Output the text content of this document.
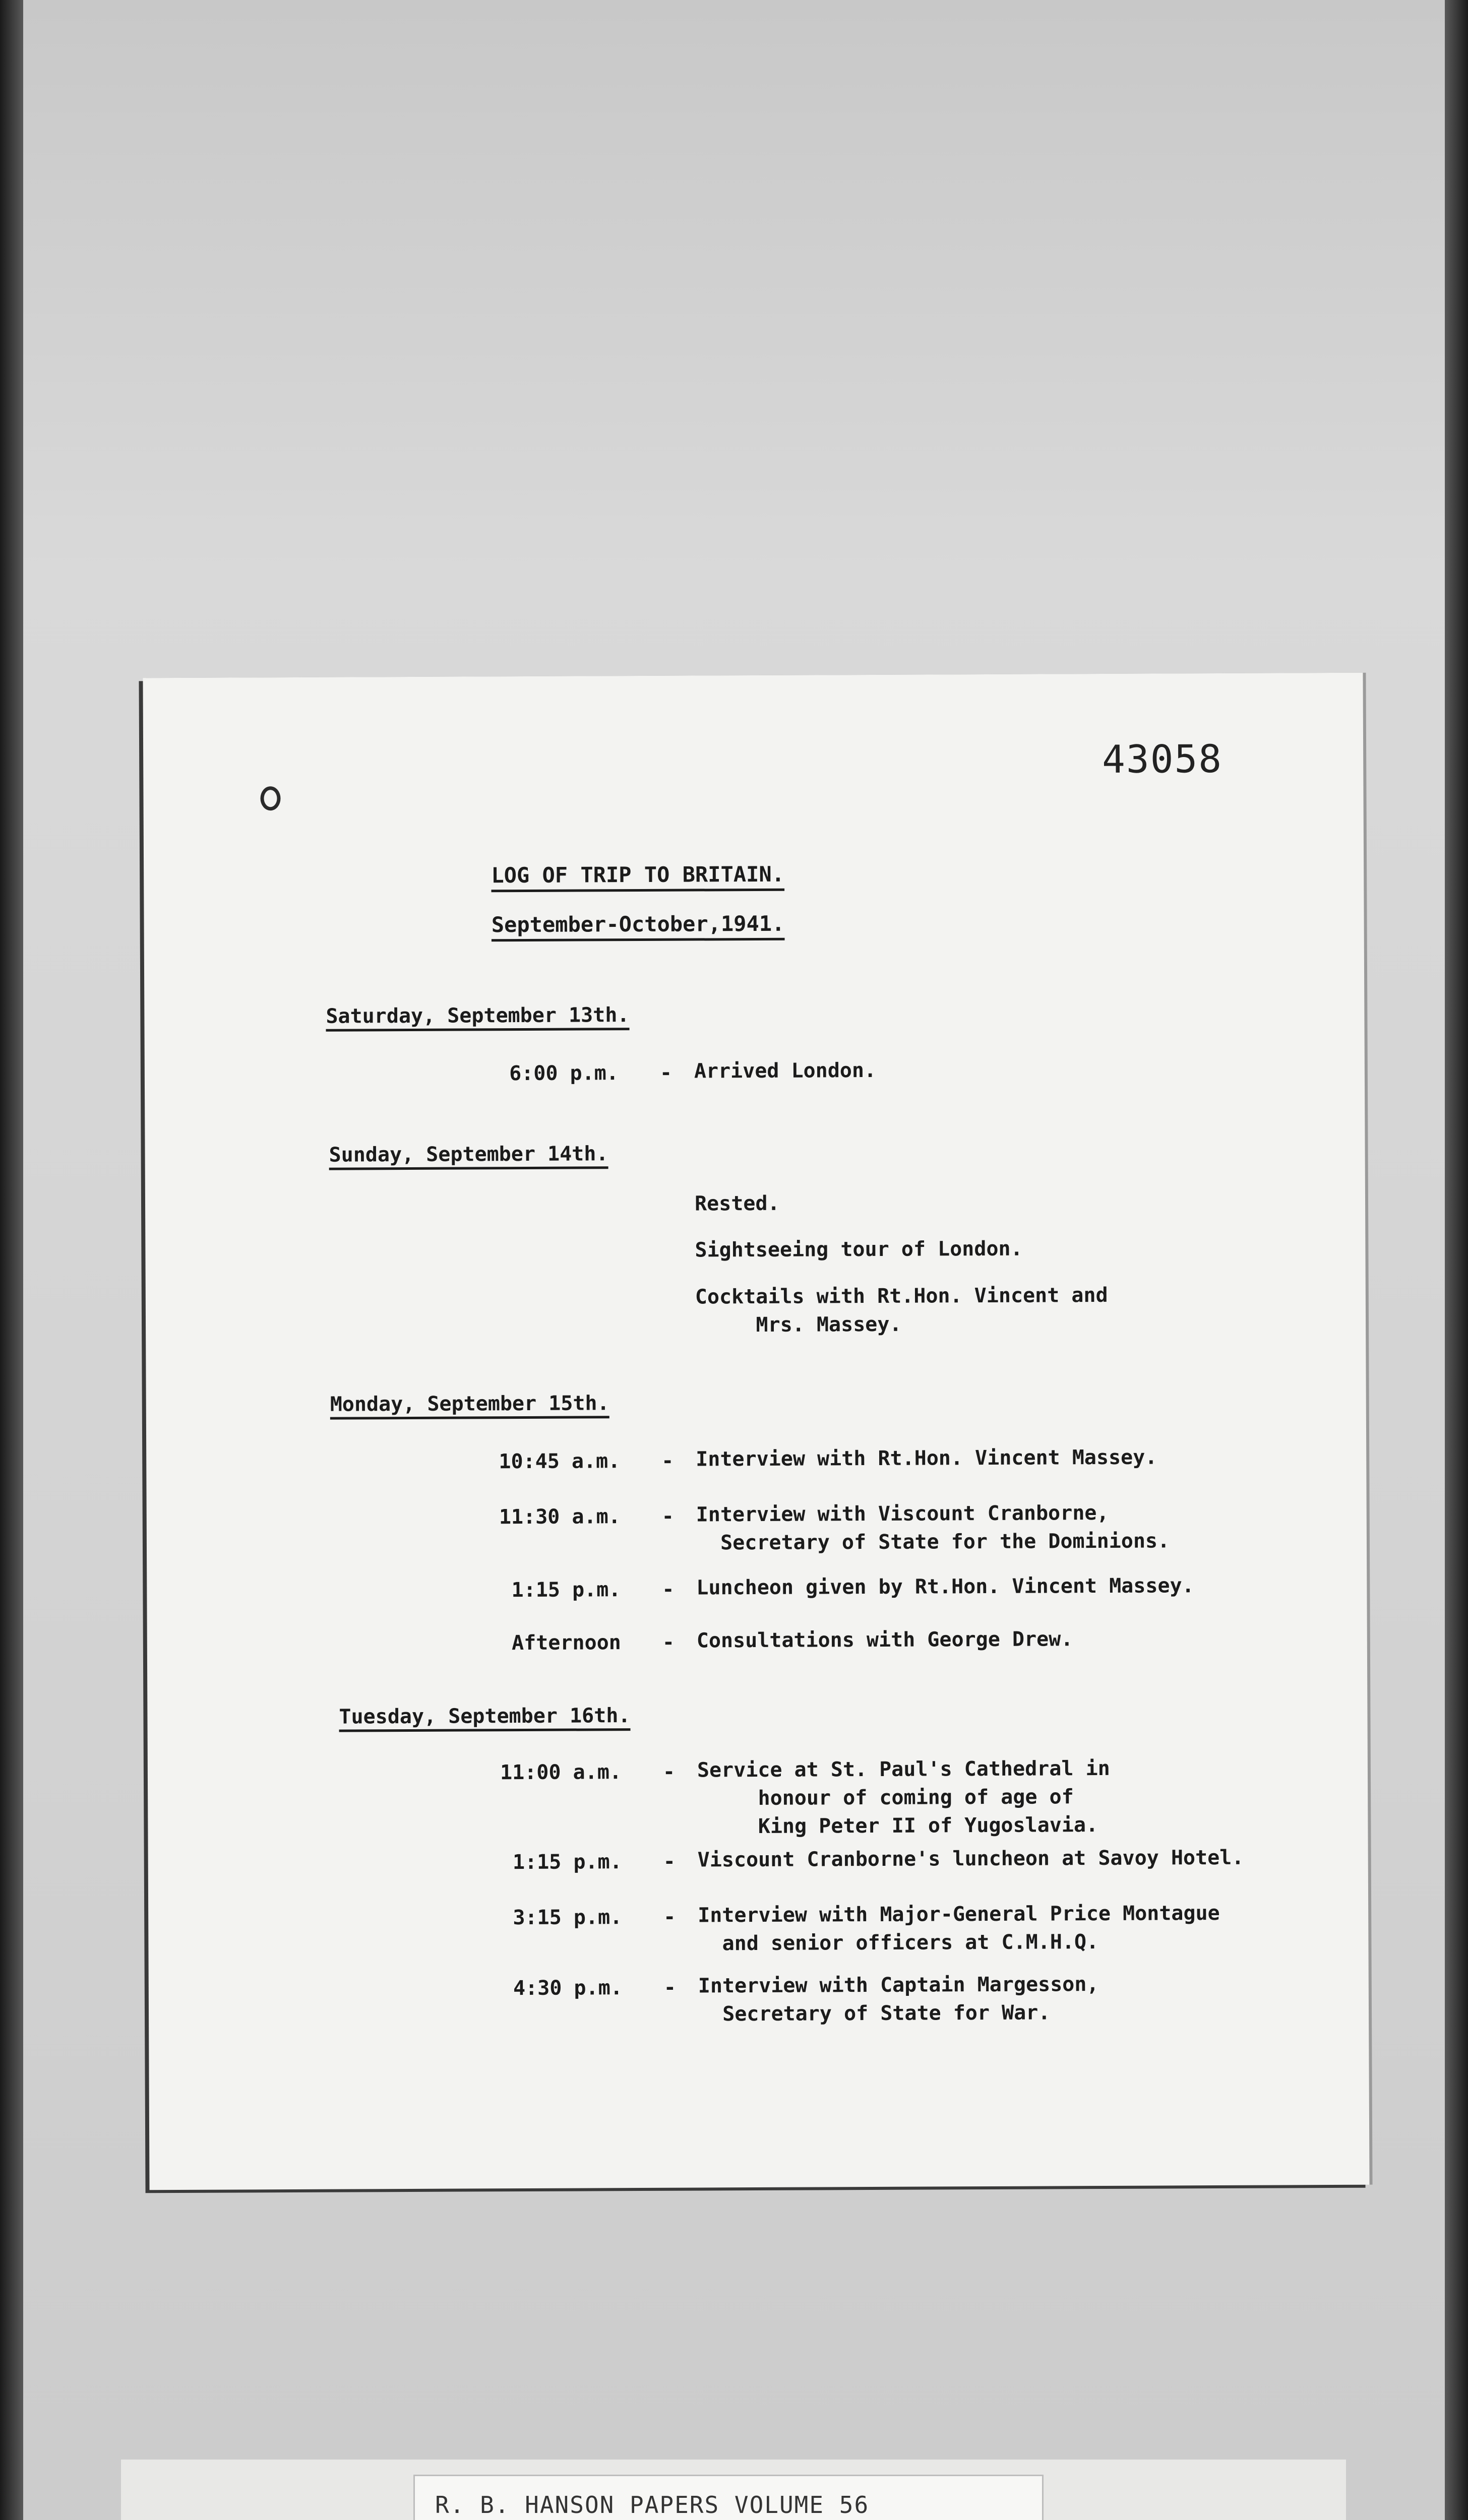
43058
LOG OF TRIP TO BRITAIN.
September-October,1941.
Saturday, September 13th.
6:00 p.m. - Arrived London.
Sunday, September 14th.
Rested.
Sightseeing tour of London.
Cocktails with Rt.Hon. Vincent and
Mrs. Massey.
Monday, September 15th.
10:45 a.m. - Interview with Rt.Hon. Vincent Massey.
11:30 a.m. - Interview with Viscount Cranborne,
Secretary of State for the Dominions.
1:15 p.m. - Luncheon given by Rt.Hon. Vincent Massey.
Afternoon - Consultations with George Drew.
Tuesday, September 16th.
11:00 a.m. - Service at St. Paul's Cathedral in
honour of coming of age of
King Peter II of Yugoslavia.
1:15 p.m. - Viscount Cranborne's luncheon at Savoy Hotel.
3:15 p.m. - Interview with Major-General Price Montague
and senior officers at C.M.H.Q.
4:30 p.m. - Interview with Captain Margesson,
Secretary of State for War.
R. B. HANSON PAPERS VOLUME 56
